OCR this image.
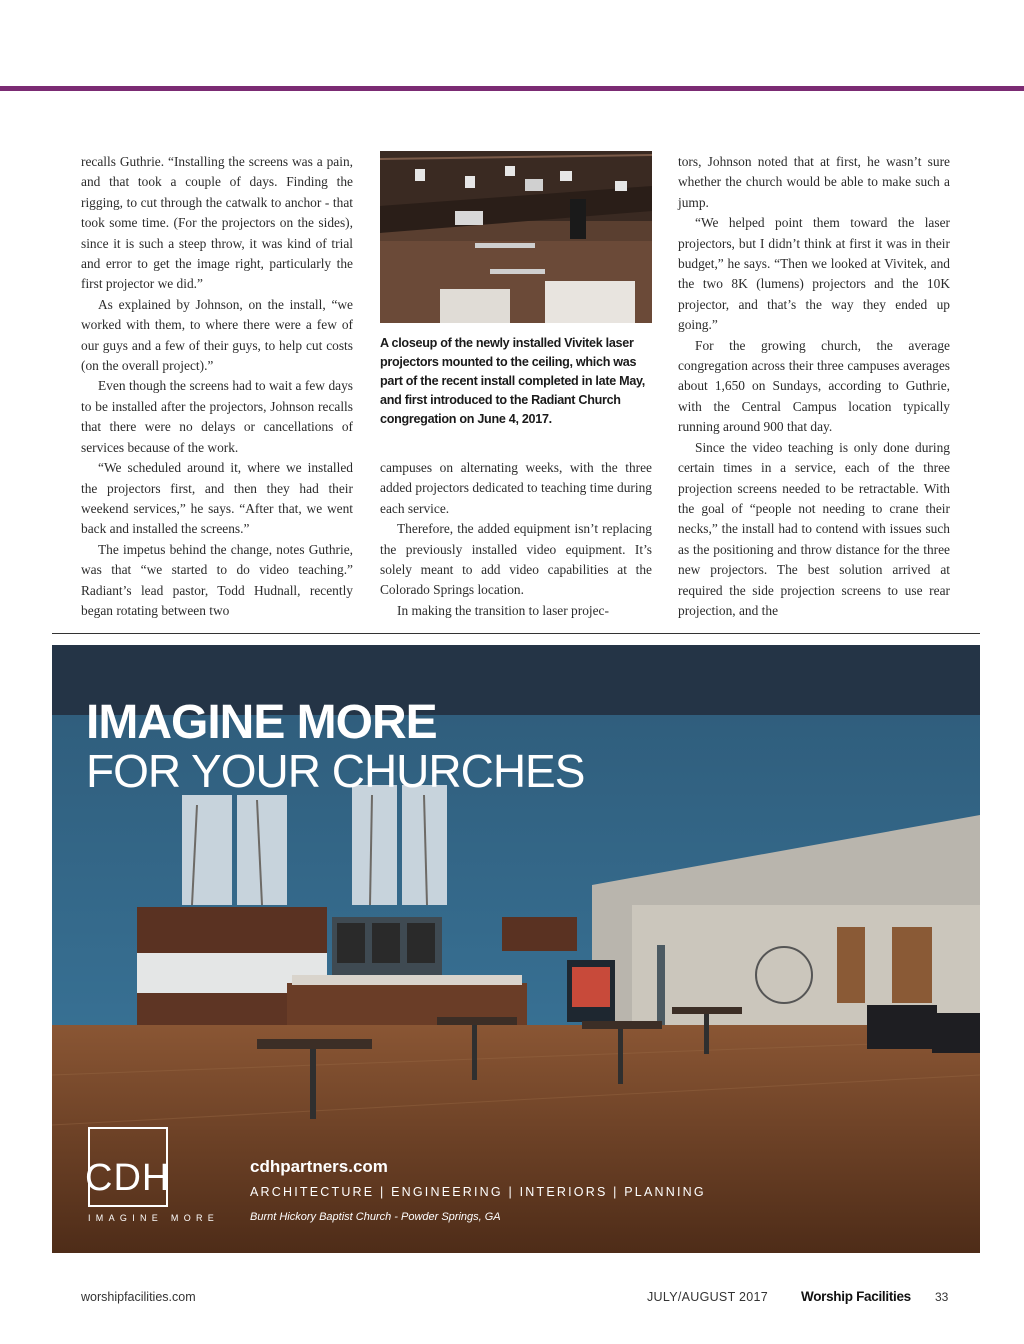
recalls Guthrie. “Installing the screens was a pain, and that took a couple of days. Finding the rigging, to cut through the catwalk to anchor - that took some time. (For the projectors on the sides), since it is such a steep throw, it was kind of trial and error to get the image right, particularly the first projector we did.”

As explained by Johnson, on the install, “we worked with them, to where there were a few of our guys and a few of their guys, to help cut costs (on the overall project).”

Even though the screens had to wait a few days to be installed after the projectors, Johnson recalls that there were no delays or cancellations of services because of the work.

“We scheduled around it, where we installed the projectors first, and then they had their weekend services,” he says. “After that, we went back and installed the screens.”

The impetus behind the change, notes Guthrie, was that “we started to do video teaching.” Radiant’s lead pastor, Todd Hudnall, recently began rotating between two

A closeup of the newly installed Vivitek laser projectors mounted to the ceiling, which was part of the recent install completed in late May, and first introduced to the Radiant Church congregation on June 4, 2017.

campuses on alternating weeks, with the three added projectors dedicated to teaching time during each service.

Therefore, the added equipment isn’t replacing the previously installed video equipment. It’s solely meant to add video capabilities at the Colorado Springs location.

In making the transition to laser projec-

tors, Johnson noted that at first, he wasn’t sure whether the church would be able to make such a jump.

“We helped point them toward the laser projectors, but I didn’t think at first it was in their budget,” he says. “Then we looked at Vivitek, and the two 8K (lumens) projectors and the 10K projector, and that’s the way they ended up going.”

For the growing church, the average congregation across their three campuses averages about 1,650 on Sundays, according to Guthrie, with the Central Campus location typically running around 900 that day.

Since the video teaching is only done during certain times in a service, each of the three projection screens needed to be retractable. With the goal of “people not needing to crane their necks,” the install had to contend with issues such as the positioning and throw distance for the three new projectors. The best solution arrived at required the side projection screens to use rear projection, and the

IMAGINE MORE
FOR YOUR CHURCHES
CDH
IMAGINE MORE
cdhpartners.com
ARCHITECTURE | ENGINEERING | INTERIORS | PLANNING
Burnt Hickory Baptist Church - Powder Springs, GA
worshipfacilities.com	JULY/AUGUST 2017 Worship Facilities 33
